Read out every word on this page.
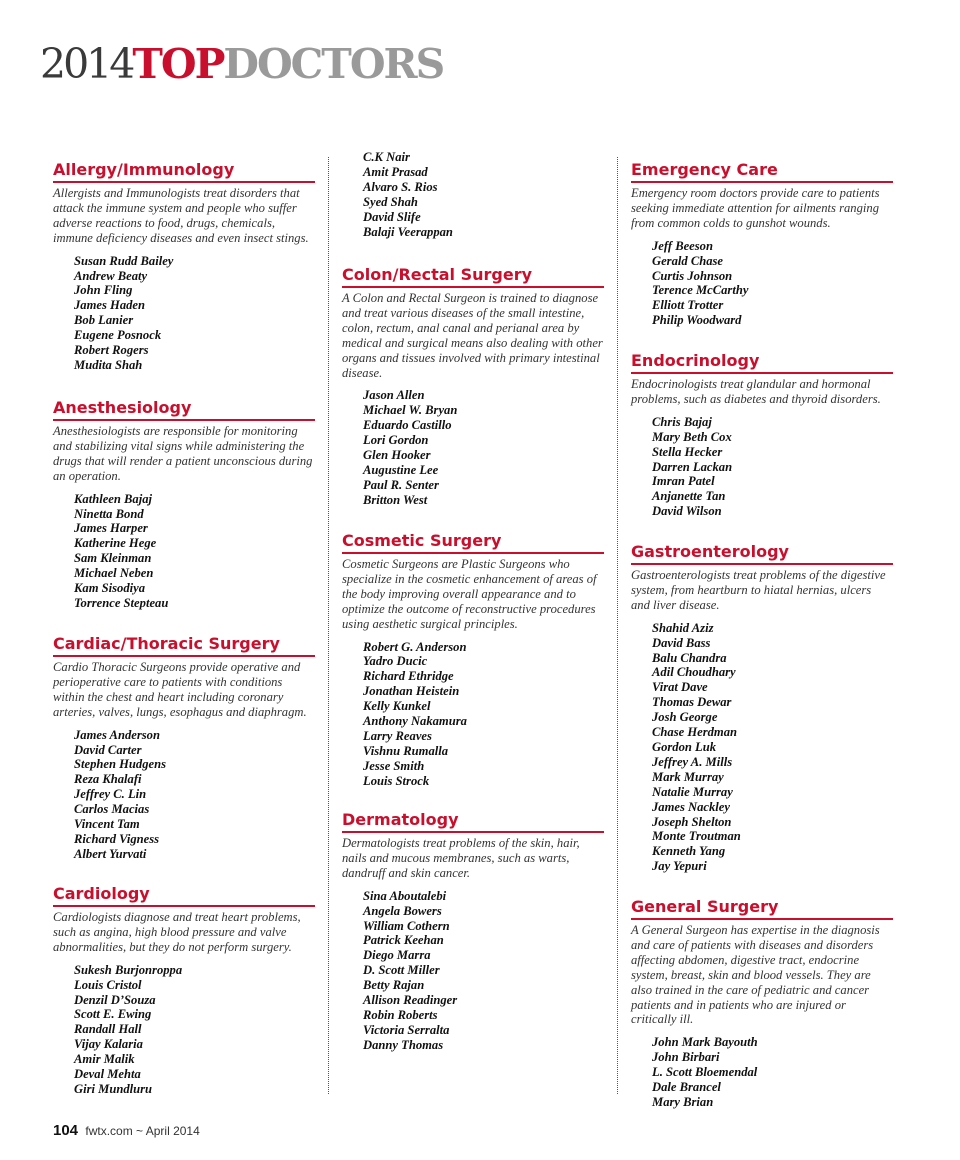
2014TOPDOCTORS
Allergy/Immunology

Allergists and Immunologists treat disorders that attack the immune system and people who suffer adverse reactions to food, drugs, chemicals, immune deficiency diseases and even insect stings.

Susan Rudd Bailey
Andrew Beaty
John Fling
James Haden
Bob Lanier
Eugene Posnock
Robert Rogers
Mudita Shah
Anesthesiology

Anesthesiologists are responsible for monitoring and stabilizing vital signs while administering the drugs that will render a patient unconscious during an operation.

Kathleen Bajaj
Ninetta Bond
James Harper
Katherine Hege
Sam Kleinman
Michael Neben
Kam Sisodiya
Torrence Stepteau
Cardiac/Thoracic Surgery

Cardio Thoracic Surgeons provide operative and perioperative care to patients with conditions within the chest and heart including coronary arteries, valves, lungs, esophagus and diaphragm.

James Anderson
David Carter
Stephen Hudgens
Reza Khalafi
Jeffrey C. Lin
Carlos Macias
Vincent Tam
Richard Vigness
Albert Yurvati
Cardiology

Cardiologists diagnose and treat heart problems, such as angina, high blood pressure and valve abnormalities, but they do not perform surgery.

Sukesh Burjonroppa
Louis Cristol
Denzil D’Souza
Scott E. Ewing
Randall Hall
Vijay Kalaria
Amir Malik
Deval Mehta
Giri Mundluru
C.K Nair
Amit Prasad
Alvaro S. Rios
Syed Shah
David Slife
Balaji Veerappan
Colon/Rectal Surgery

A Colon and Rectal Surgeon is trained to diagnose and treat various diseases of the small intestine, colon, rectum, anal canal and perianal area by medical and surgical means also dealing with other organs and tissues involved with primary intestinal disease.

Jason Allen
Michael W. Bryan
Eduardo Castillo
Lori Gordon
Glen Hooker
Augustine Lee
Paul R. Senter
Britton West
Cosmetic Surgery

Cosmetic Surgeons are Plastic Surgeons who specialize in the cosmetic enhancement of areas of the body improving overall appearance and to optimize the outcome of reconstructive procedures using aesthetic surgical principles.

Robert G. Anderson
Yadro Ducic
Richard Ethridge
Jonathan Heistein
Kelly Kunkel
Anthony Nakamura
Larry Reaves
Vishnu Rumalla
Jesse Smith
Louis Strock
Dermatology

Dermatologists treat problems of the skin, hair, nails and mucous membranes, such as warts, dandruff and skin cancer.

Sina Aboutalebi
Angela Bowers
William Cothern
Patrick Keehan
Diego Marra
D. Scott Miller
Betty Rajan
Allison Readinger
Robin Roberts
Victoria Serralta
Danny Thomas
Emergency Care

Emergency room doctors provide care to patients seeking immediate attention for ailments ranging from common colds to gunshot wounds.

Jeff Beeson
Gerald Chase
Curtis Johnson
Terence McCarthy
Elliott Trotter
Philip Woodward
Endocrinology

Endocrinologists treat glandular and hormonal problems, such as diabetes and thyroid disorders.

Chris Bajaj
Mary Beth Cox
Stella Hecker
Darren Lackan
Imran Patel
Anjanette Tan
David Wilson
Gastroenterology

Gastroenterologists treat problems of the digestive system, from heartburn to hiatal hernias, ulcers and liver disease.

Shahid Aziz
David Bass
Balu Chandra
Adil Choudhary
Virat Dave
Thomas Dewar
Josh George
Chase Herdman
Gordon Luk
Jeffrey A. Mills
Mark Murray
Natalie Murray
James Nackley
Joseph Shelton
Monte Troutman
Kenneth Yang
Jay Yepuri
General Surgery

A General Surgeon has expertise in the diagnosis and care of patients with diseases and disorders affecting abdomen, digestive tract, endocrine system, breast, skin and blood vessels. They are also trained in the care of pediatric and cancer patients and in patients who are injured or critically ill.

John Mark Bayouth
John Birbari
L. Scott Bloemendal
Dale Brancel
Mary Brian
104 fwtx.com ~ April 2014
